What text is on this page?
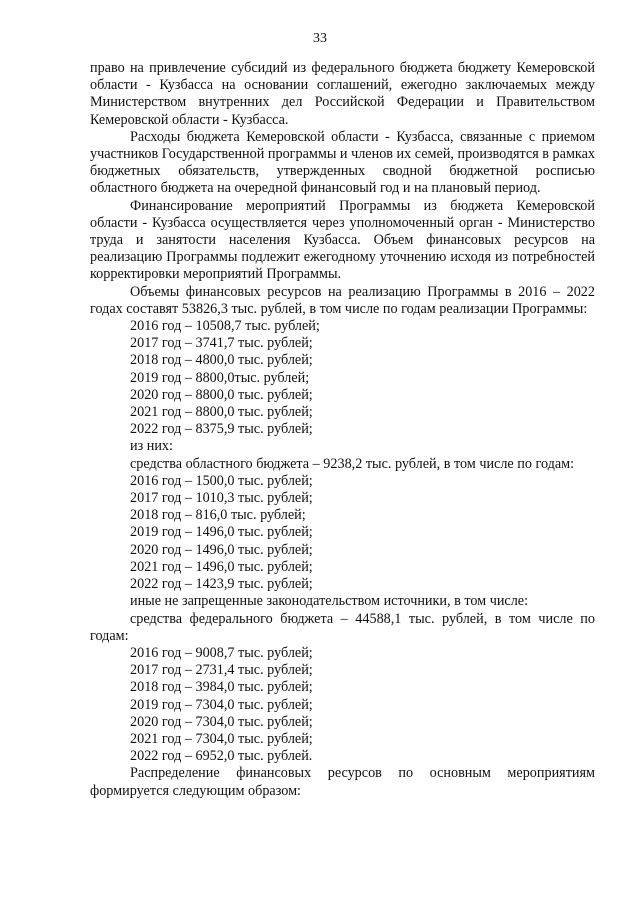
33

право на привлечение субсидий из федерального бюджета бюджету Кемеровской области - Кузбасса на основании соглашений, ежегодно заключаемых между Министерством внутренних дел Российской Федерации и Правительством Кемеровской области - Кузбасса.

Расходы бюджета Кемеровской области - Кузбасса, связанные с приемом участников Государственной программы и членов их семей, производятся в рамках бюджетных обязательств, утвержденных сводной бюджетной росписью областного бюджета на очередной финансовый год и на плановый период.

Финансирование мероприятий Программы из бюджета Кемеровской области - Кузбасса осуществляется через уполномоченный орган - Министерство труда и занятости населения Кузбасса. Объем финансовых ресурсов на реализацию Программы подлежит ежегодному уточнению исходя из потребностей корректировки мероприятий Программы.

Объемы финансовых ресурсов на реализацию Программы в 2016 – 2022 годах составят 53826,3 тыс. рублей, в том числе по годам реализации Программы:

2016 год – 10508,7 тыс. рублей;
2017 год – 3741,7 тыс. рублей;
2018 год – 4800,0 тыс. рублей;
2019 год – 8800,0тыс. рублей;
2020 год – 8800,0 тыс. рублей;
2021 год – 8800,0 тыс. рублей;
2022 год – 8375,9 тыс. рублей;

из них:

средства областного бюджета – 9238,2 тыс. рублей, в том числе по годам:

2016 год – 1500,0 тыс. рублей;
2017 год – 1010,3 тыс. рублей;
2018 год – 816,0 тыс. рублей;
2019 год – 1496,0 тыс. рублей;
2020 год – 1496,0 тыс. рублей;
2021 год – 1496,0 тыс. рублей;
2022 год – 1423,9 тыс. рублей;

иные не запрещенные законодательством источники, в том числе:

средства федерального бюджета – 44588,1 тыс. рублей, в том числе по годам:

2016 год – 9008,7 тыс. рублей;
2017 год – 2731,4 тыс. рублей;
2018 год – 3984,0 тыс. рублей;
2019 год – 7304,0 тыс. рублей;
2020 год – 7304,0 тыс. рублей;
2021 год – 7304,0 тыс. рублей;
2022 год – 6952,0 тыс. рублей.

Распределение финансовых ресурсов по основным мероприятиям формируется следующим образом:
